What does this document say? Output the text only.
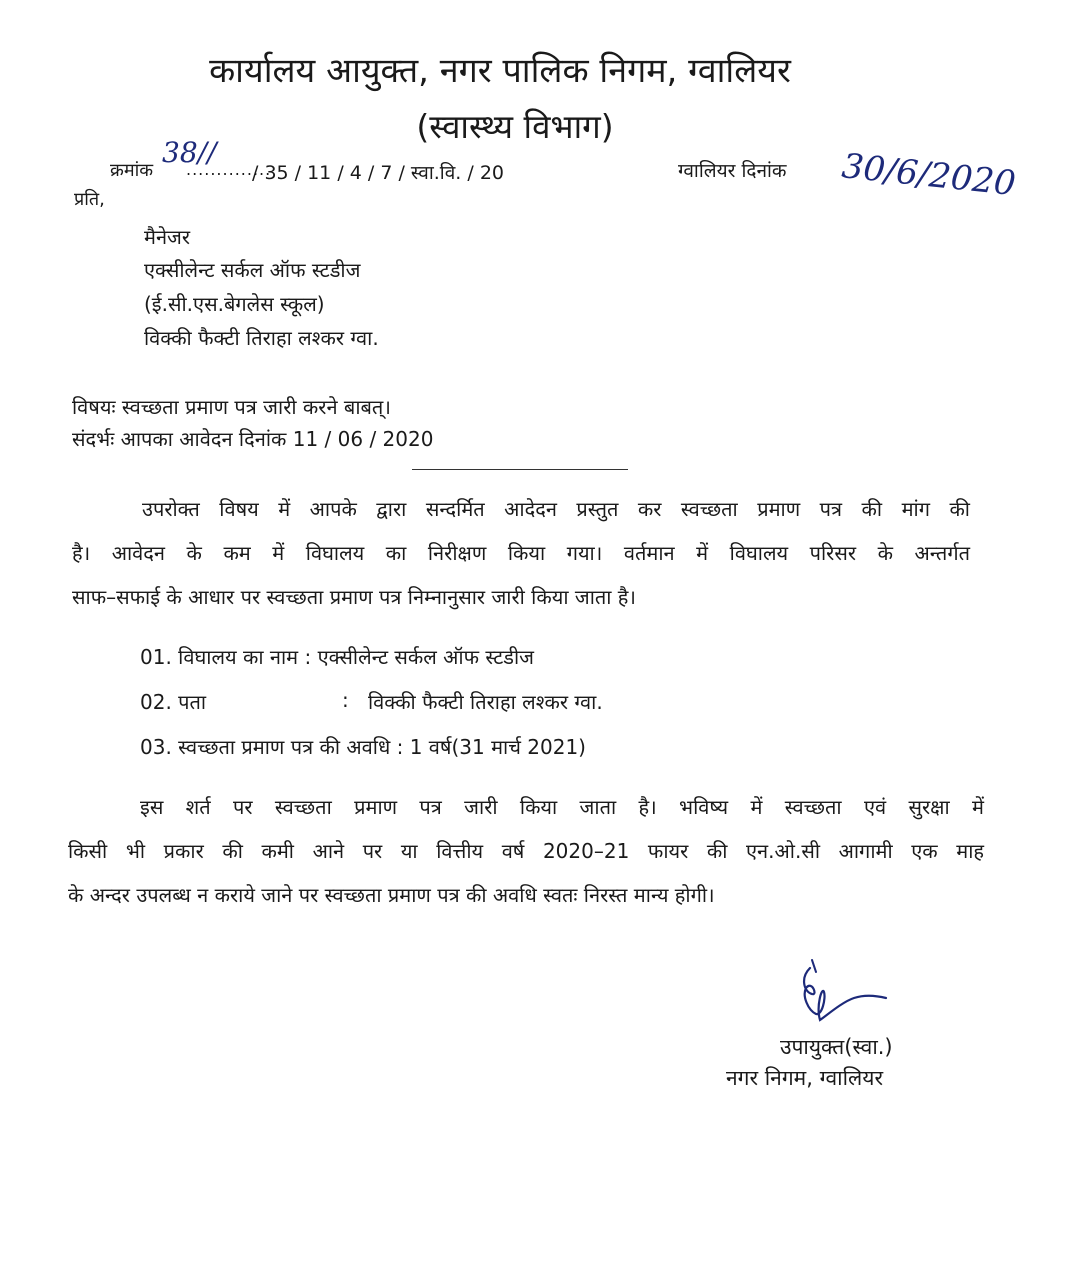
कार्यालय आयुक्त, नगर पालिक निगम, ग्वालियर
(स्वास्थ्य विभाग)
क्रमांक
38//
..............
/ 35 / 11 / 4 / 7 / स्वा.वि. / 20	ग्वालियर दिनांक 30/6/2020
प्रति,
मैनेजर
एक्सीलेन्ट सर्कल ऑफ स्टडीज
(ई.सी.एस.बेगलेस स्कूल)
विक्की फैक्टी तिराहा लश्कर ग्वा.
विषयः स्वच्छता प्रमाण पत्र जारी करने बाबत्।
संदर्भः आपका आवेदन दिनांक 11 / 06 / 2020
उपरोक्त विषय में आपके द्वारा सन्दर्मित आदेदन प्रस्तुत कर स्वच्छता प्रमाण पत्र की मांग की
है। आवेदन के कम में विघालय का निरीक्षण किया गया। वर्तमान में विघालय परिसर के अन्तर्गत
साफ–सफाई के आधार पर स्वच्छता प्रमाण पत्र निम्नानुसार जारी किया जाता है।
01. विघालय का नाम : एक्सीलेन्ट सर्कल ऑफ स्टडीज
02. पता	: विक्की फैक्टी तिराहा लश्कर ग्वा.
03. स्वच्छता प्रमाण पत्र की अवधि : 1 वर्ष(31 मार्च 2021)
इस शर्त पर स्वच्छता प्रमाण पत्र जारी किया जाता है। भविष्य में स्वच्छता एवं सुरक्षा में
किसी भी प्रकार की कमी आने पर या वित्तीय वर्ष 2020–21 फायर की एन.ओ.सी आगामी एक माह
के अन्दर उपलब्ध न कराये जाने पर स्वच्छता प्रमाण पत्र की अवधि स्वतः निरस्त मान्य होगी।
उपायुक्त(स्वा.)
नगर निगम, ग्वालियर
